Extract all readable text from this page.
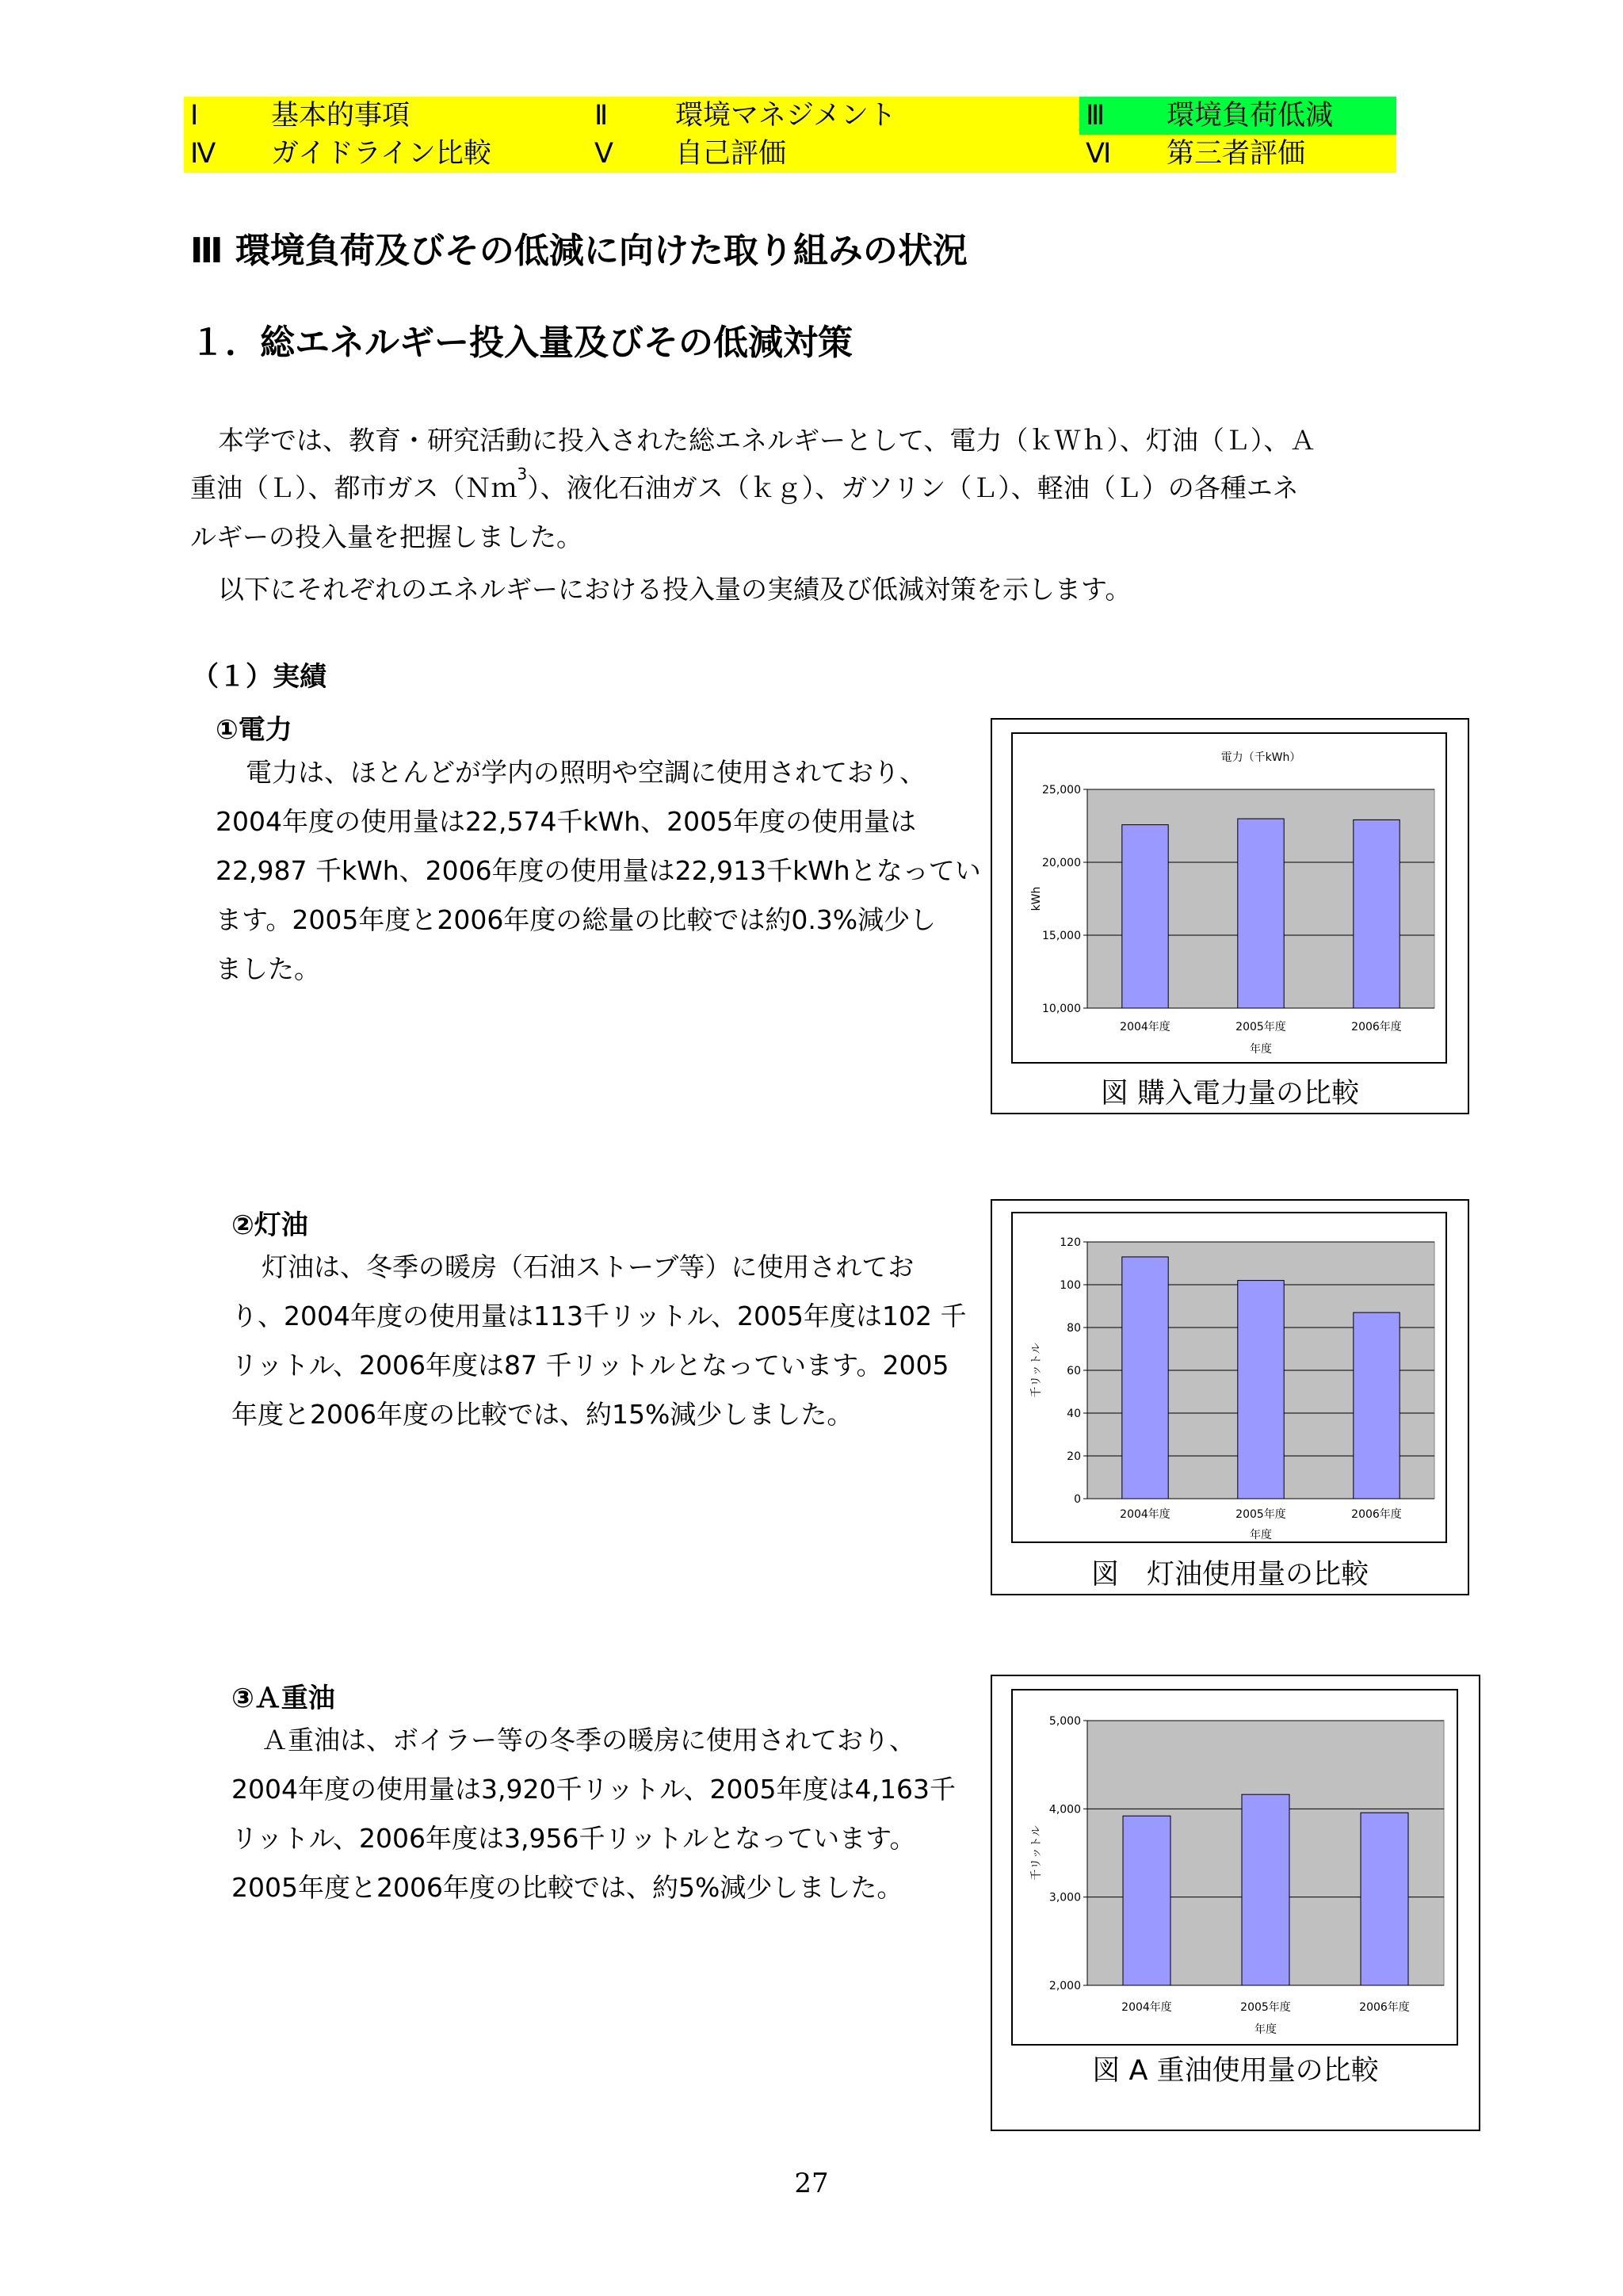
Ⅰ	基本的事項	Ⅱ 環境マネジメント	Ⅲ 環境負荷低減
Ⅳ ガイドライン比較	Ⅴ 自己評価	Ⅵ 第三者評価
Ⅲ 環境負荷及びその低減に向けた取り組みの状況
１．総エネルギー投入量及びその低減対策
本学では、教育・研究活動に投入された総エネルギーとして、電力（ｋＷｈ）、灯油（Ｌ）、Ａ
重油（Ｌ）、都市ガス（Ｎｍ$^3$）、液化石油ガス（ｋｇ）、ガソリン（Ｌ）、軽油（Ｌ）の各種エネ
ルギーの投入量を把握しました。
以下にそれぞれのエネルギーにおける投入量の実績及び低減対策を示します。
（１）実績
①電力
電力は、ほとんどが学内の照明や空調に使用されており、
2004年度の使用量は22,574千kWh、2005年度の使用量は
22,987 千kWh、2006年度の使用量は22,913千kWhとなってい
ます。2005年度と2006年度の総量の比較では約0.3%減少し
ました。
10,000
15,000
20,000
25,000
2004年度	2005年度	2006年度
年度
kWh
電力（千kWh）
図 購入電力量の比較
②灯油
灯油は、冬季の暖房（石油ストーブ等）に使用されてお
り、2004年度の使用量は113千リットル、2005年度は102 千
リットル、2006年度は87 千リットルとなっています。2005
年度と2006年度の比較では、約15%減少しました。
0
20
40
60
80
100
120
2004年度	2005年度	2006年度
年度
千リットル
図　灯油使用量の比較
③Ａ重油
Ａ重油は、ボイラー等の冬季の暖房に使用されており、
2004年度の使用量は3,920千リットル、2005年度は4,163千
リットル、2006年度は3,956千リットルとなっています。
2005年度と2006年度の比較では、約5%減少しました。
2,000
3,000
4,000
5,000
2004年度	2005年度	2006年度
年度
千リットル
図 A 重油使用量の比較
27
